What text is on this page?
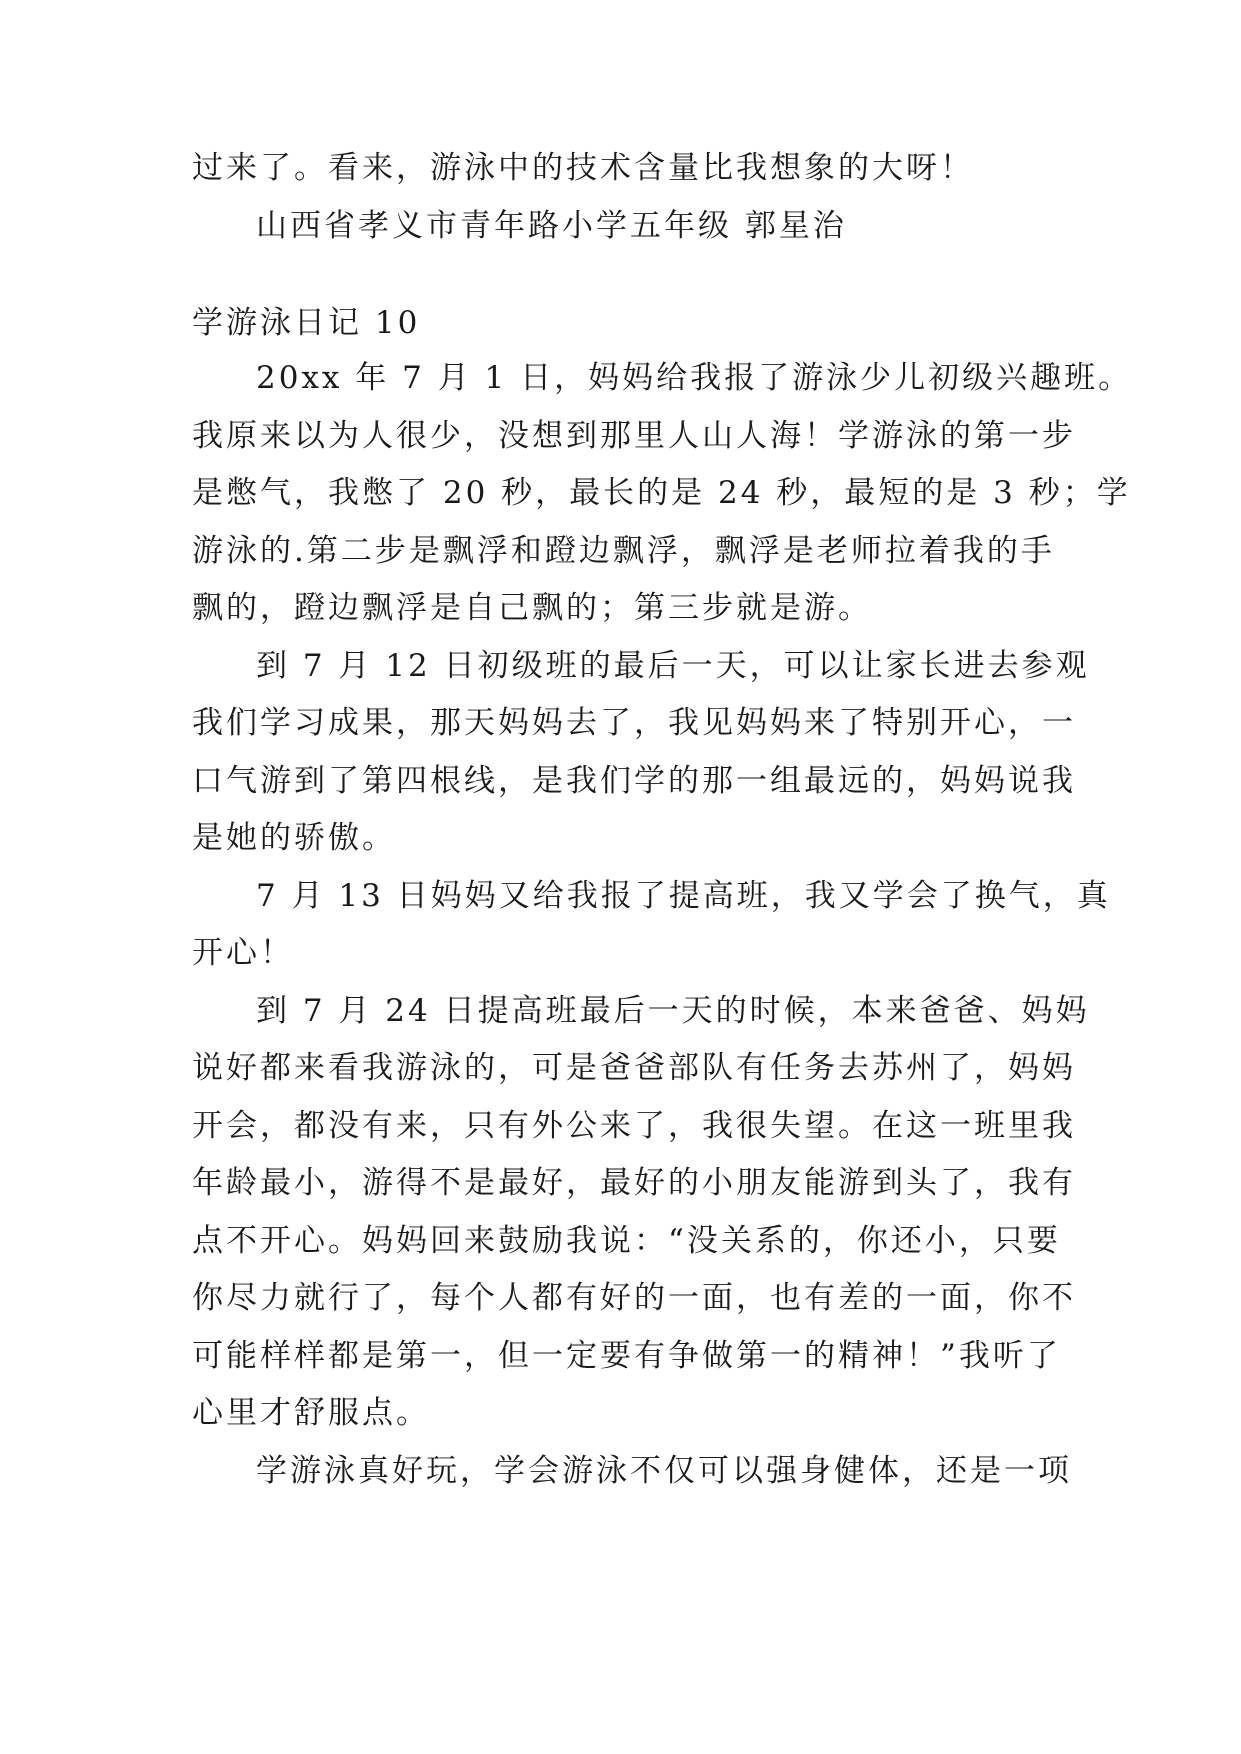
过来了。看来，游泳中的技术含量比我想象的大呀！
山西省孝义市青年路小学五年级 郭星治
学游泳日记 10
20xx 年 7 月 1 日，妈妈给我报了游泳少儿初级兴趣班。
我原来以为人很少，没想到那里人山人海！学游泳的第一步
是憋气，我憋了 20 秒，最长的是 24 秒，最短的是 3 秒；学
游泳的.第二步是飘浮和蹬边飘浮，飘浮是老师拉着我的手
飘的，蹬边飘浮是自己飘的；第三步就是游。
到 7 月 12 日初级班的最后一天，可以让家长进去参观
我们学习成果，那天妈妈去了，我见妈妈来了特别开心，一
口气游到了第四根线，是我们学的那一组最远的，妈妈说我
是她的骄傲。
7 月 13 日妈妈又给我报了提高班，我又学会了换气，真
开心！
到 7 月 24 日提高班最后一天的时候，本来爸爸、妈妈
说好都来看我游泳的，可是爸爸部队有任务去苏州了，妈妈
开会，都没有来，只有外公来了，我很失望。在这一班里我
年龄最小，游得不是最好，最好的小朋友能游到头了，我有
点不开心。妈妈回来鼓励我说：“没关系的，你还小，只要
你尽力就行了，每个人都有好的一面，也有差的一面，你不
可能样样都是第一，但一定要有争做第一的精神！”我听了
心里才舒服点。
学游泳真好玩，学会游泳不仅可以强身健体，还是一项
